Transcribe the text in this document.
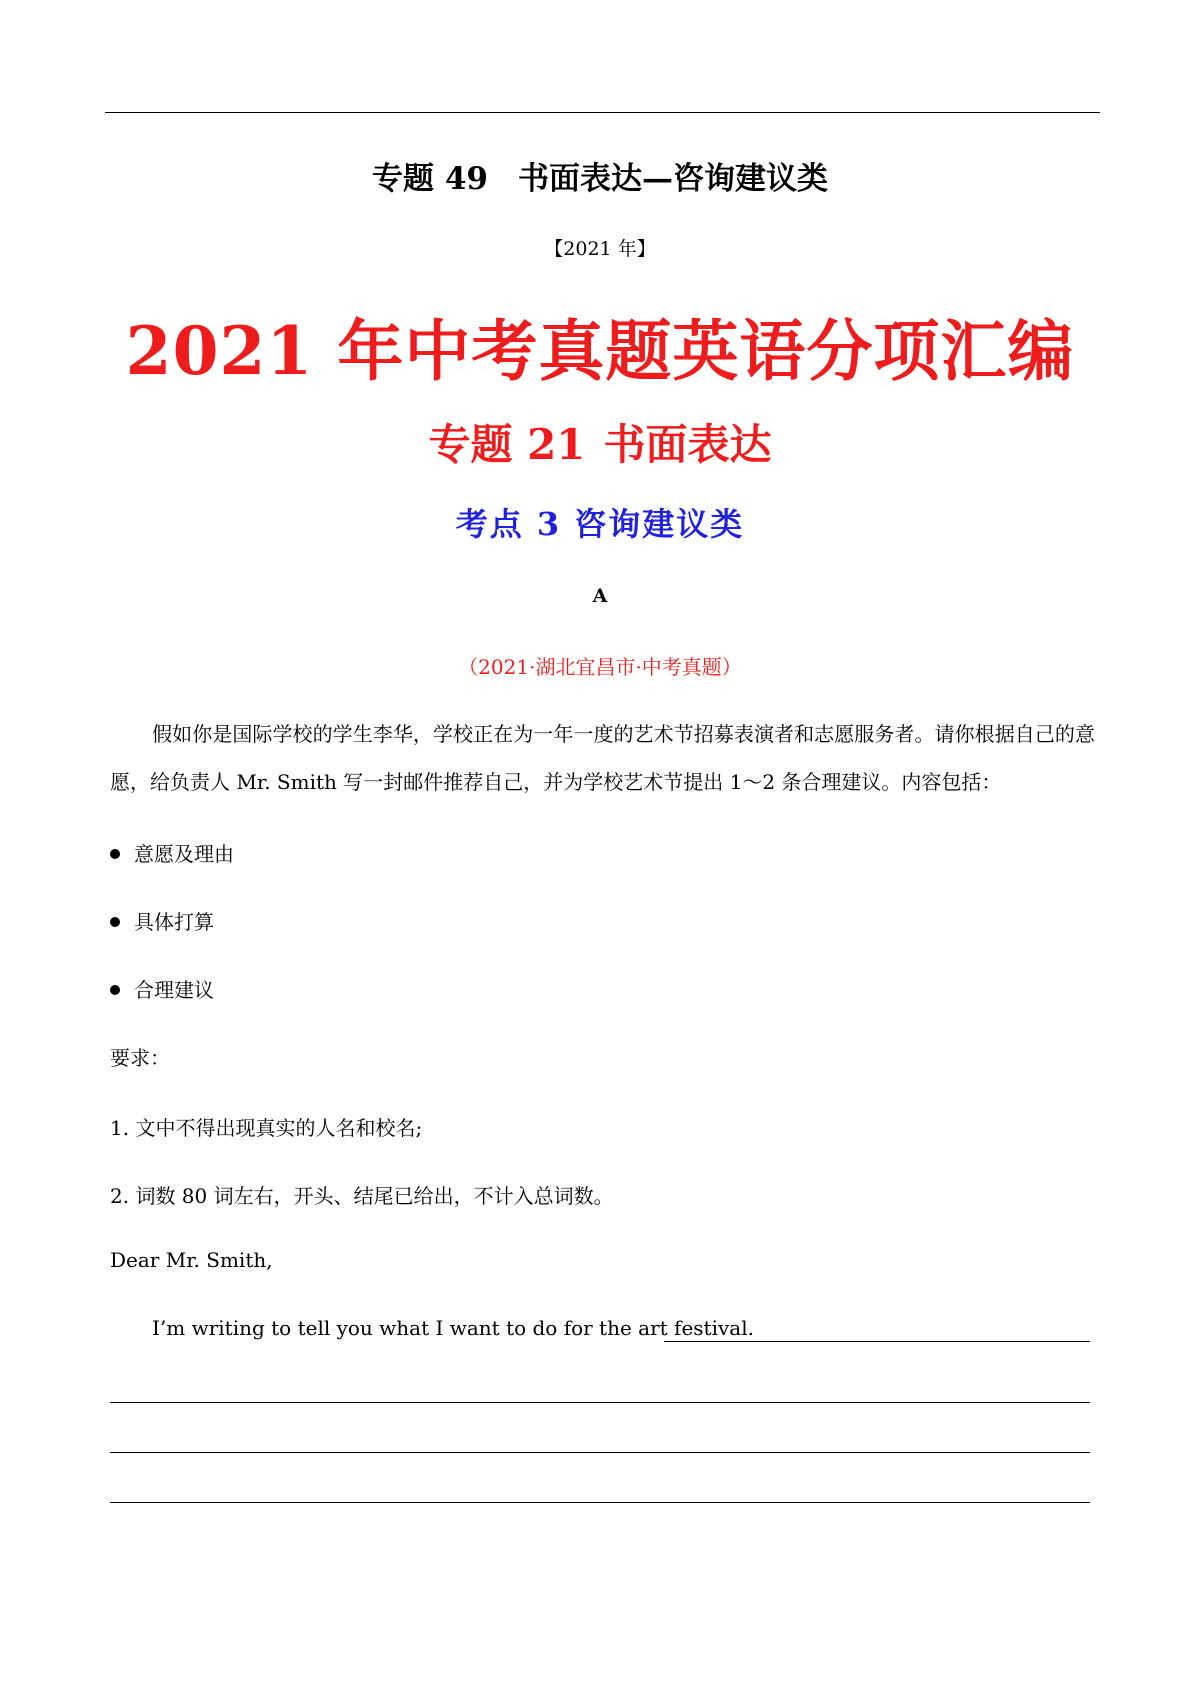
专题 49 书面表达—咨询建议类
【2021 年】
2021 年中考真题英语分项汇编
专题 21 书面表达
考点 3 咨询建议类
A
（2021·湖北宜昌市·中考真题）
假如你是国际学校的学生李华，学校正在为一年一度的艺术节招募表演者和志愿服务者。请你根据自己的意愿，给负责人 Mr. Smith 写一封邮件推荐自己，并为学校艺术节提出 1～2 条合理建议。内容包括：
意愿及理由
具体打算
合理建议
要求：
1. 文中不得出现真实的人名和校名;
2. 词数 80 词左右，开头、结尾已给出，不计入总词数。
Dear Mr. Smith,
I’m writing to tell you what I want to do for the art festival.
